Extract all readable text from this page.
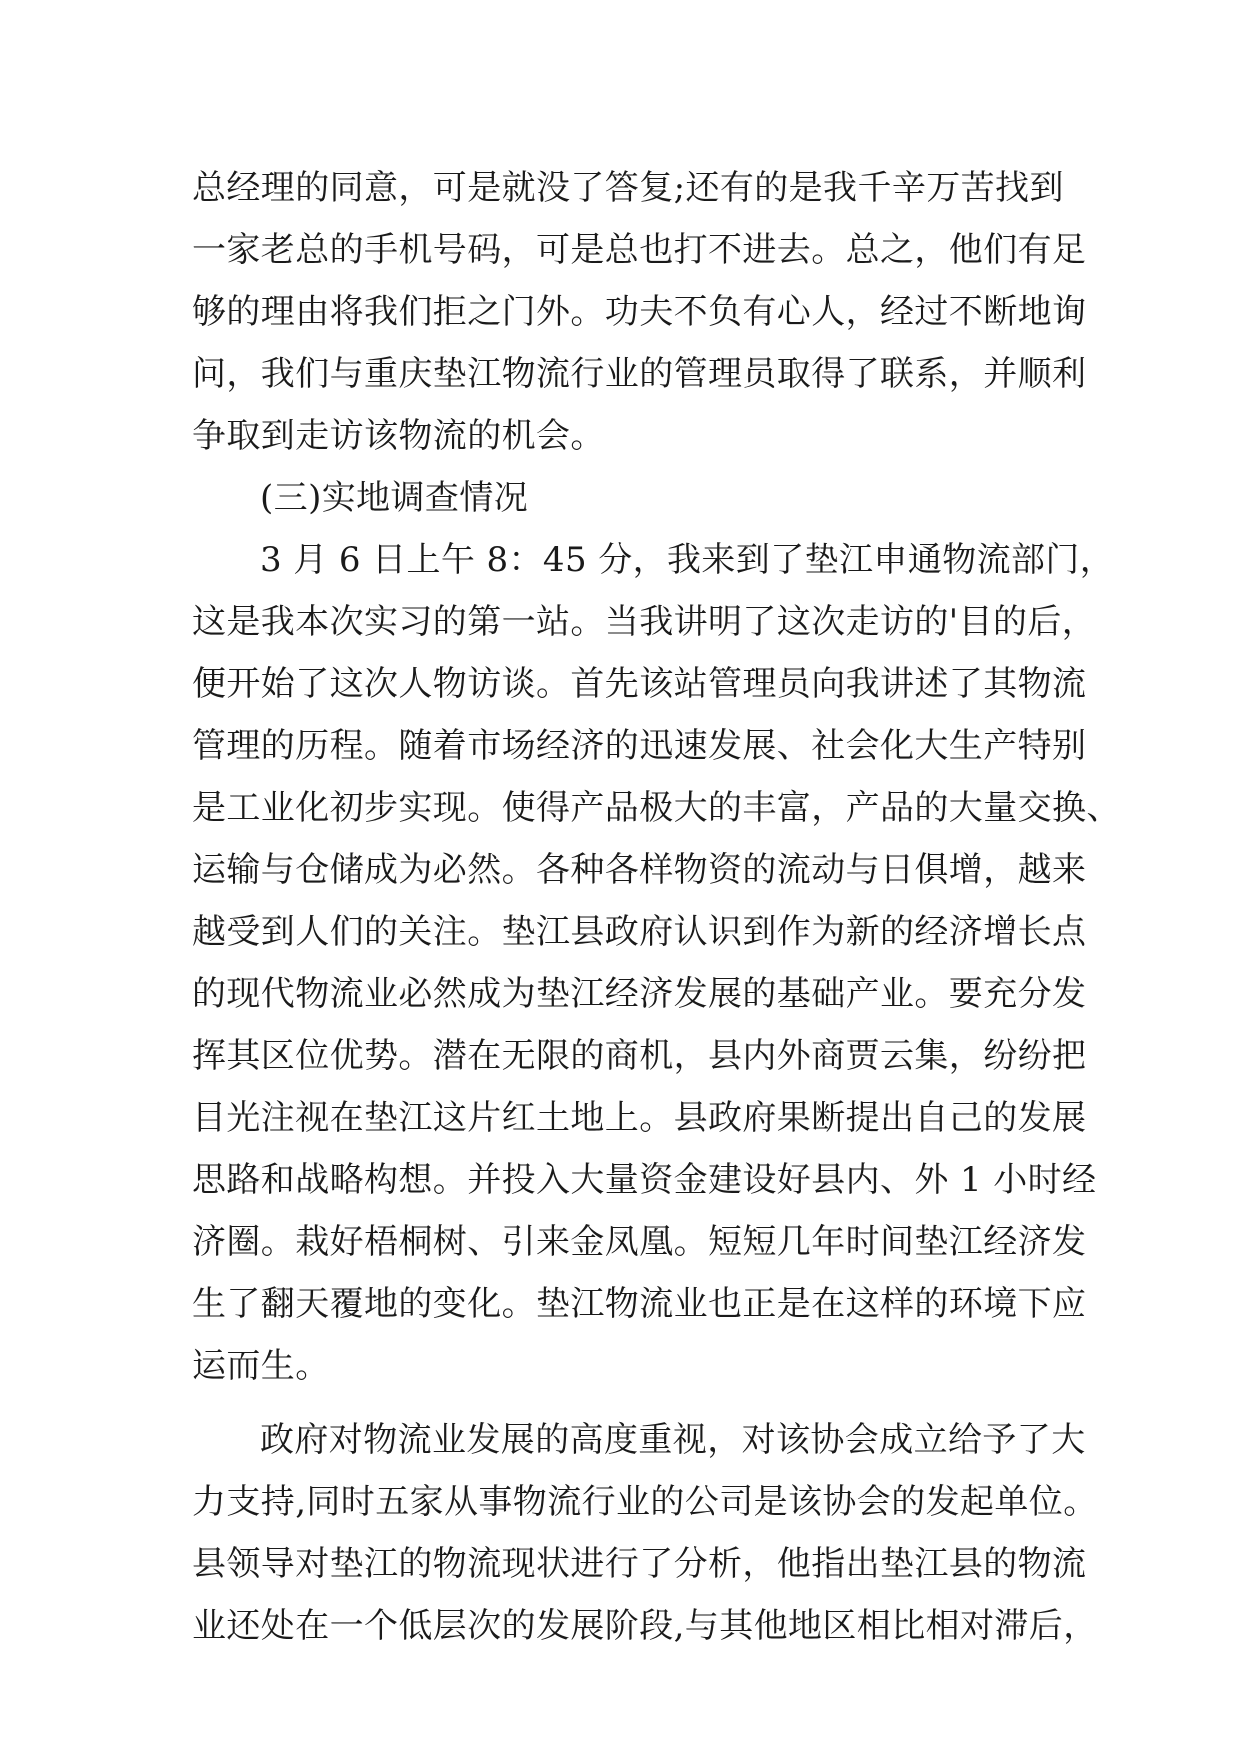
总经理的同意，可是就没了答复;还有的是我千辛万苦找到
一家老总的手机号码，可是总也打不进去。总之，他们有足
够的理由将我们拒之门外。功夫不负有心人，经过不断地询
问，我们与重庆垫江物流行业的管理员取得了联系，并顺利
争取到走访该物流的机会。
(三)实地调查情况
3 月 6 日上午 8：45 分，我来到了垫江申通物流部门，
这是我本次实习的第一站。当我讲明了这次走访的'目的后，
便开始了这次人物访谈。首先该站管理员向我讲述了其物流
管理的历程。随着市场经济的迅速发展、社会化大生产特别
是工业化初步实现。使得产品极大的丰富，产品的大量交换、
运输与仓储成为必然。各种各样物资的流动与日俱增，越来
越受到人们的关注。垫江县政府认识到作为新的经济增长点
的现代物流业必然成为垫江经济发展的基础产业。要充分发
挥其区位优势。潜在无限的商机，县内外商贾云集，纷纷把
目光注视在垫江这片红土地上。县政府果断提出自己的发展
思路和战略构想。并投入大量资金建设好县内、外 1 小时经
济圈。栽好梧桐树、引来金凤凰。短短几年时间垫江经济发
生了翻天覆地的变化。垫江物流业也正是在这样的环境下应
运而生。
政府对物流业发展的高度重视，对该协会成立给予了大
力支持,同时五家从事物流行业的公司是该协会的发起单位。
县领导对垫江的物流现状进行了分析，他指出垫江县的物流
业还处在一个低层次的发展阶段,与其他地区相比相对滞后，
